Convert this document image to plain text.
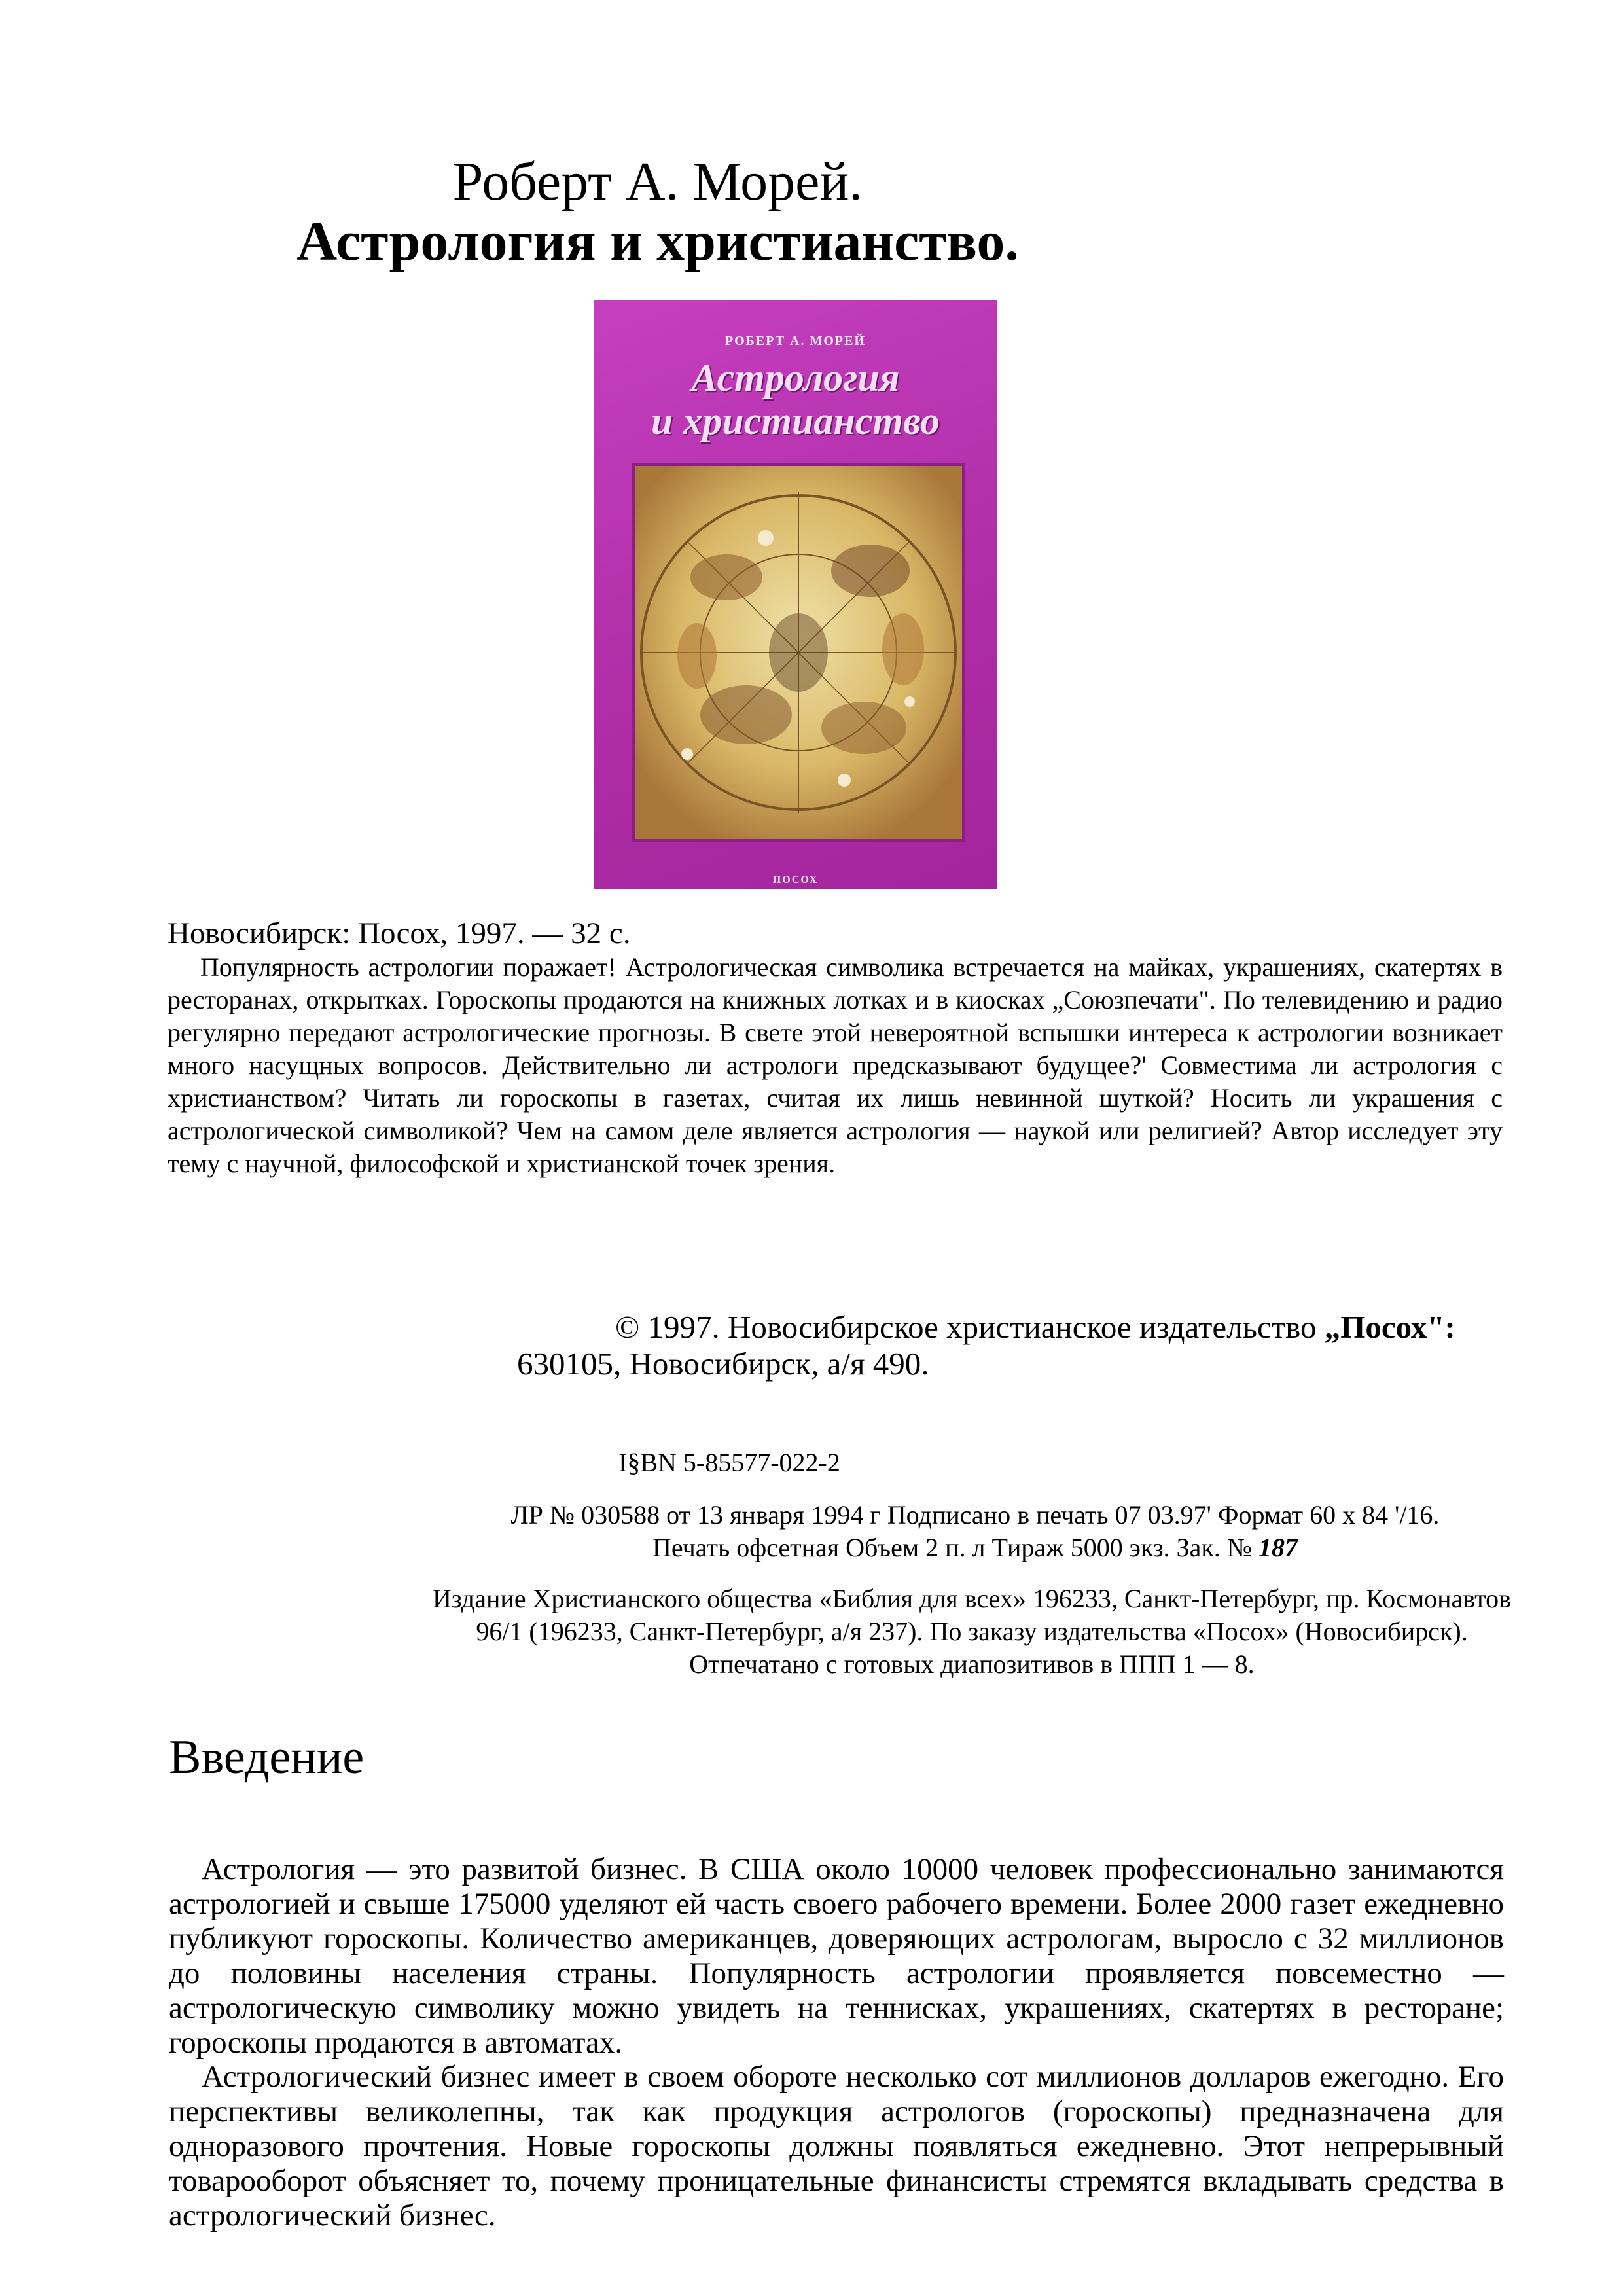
Роберт А. Морей.
Астрология и христианство.
РОБЕРТ А. МОРЕЙ
Астрология
и христианство
ПОСОХ
Новосибирск: Посох, 1997. — 32 с.
Популярность астрологии поражает! Астрологическая символика встречается на майках, украшениях, скатертях в ресторанах, открытках. Гороскопы продаются на книжных лотках и в киосках „Союзпечати". По телевидению и радио регулярно передают астрологические прогнозы. В свете этой невероятной вспышки интереса к астрологии возникает много насущных вопросов. Действительно ли астрологи предсказывают будущее?' Совместима ли астрология с христианством? Читать ли гороскопы в газетах, считая их лишь невинной шуткой? Носить ли украшения с астрологической символикой? Чем на самом деле является астрология — наукой или религией? Автор исследует эту тему с научной, философской и христианской точек зрения.
© 1997. Новосибирское христианское издательство „Посох":
630105, Новосибирск, а/я 490.
I§BN 5-85577-022-2
ЛР № 030588 от 13 января 1994 г Подписано в печать 07 03.97' Формат 60 x 84 '/16.
Печать офсетная Объем 2 п. л Тираж 5000 экз. Зак. № 187
Издание Христианского общества «Библия для всех» 196233, Санкт-Петербург, пр. Космонавтов 96/1 (196233, Санкт-Петербург, а/я 237). По заказу издательства «Посох» (Новосибирск). Отпечатано с готовых диапозитивов в ППП 1 — 8.
Введение
Астрология — это развитой бизнес. В США около 10000 человек профессионально занимаются астрологией и свыше 175000 уделяют ей часть своего рабочего времени. Более 2000 газет ежедневно публикуют гороскопы. Количество американцев, доверяющих астрологам, выросло с 32 миллионов до половины населения страны. Популярность астрологии проявляется повсеместно — астрологическую символику можно увидеть на теннисках, украшениях, скатертях в ресторане; гороскопы продаются в автоматах.
Астрологический бизнес имеет в своем обороте несколько сот миллионов долларов ежегодно. Его перспективы великолепны, так как продукция астрологов (гороскопы) предназначена для одноразового прочтения. Новые гороскопы должны появляться ежедневно. Этот непрерывный товарооборот объясняет то, почему проницательные финансисты стремятся вкладывать средства в астрологический бизнес.
